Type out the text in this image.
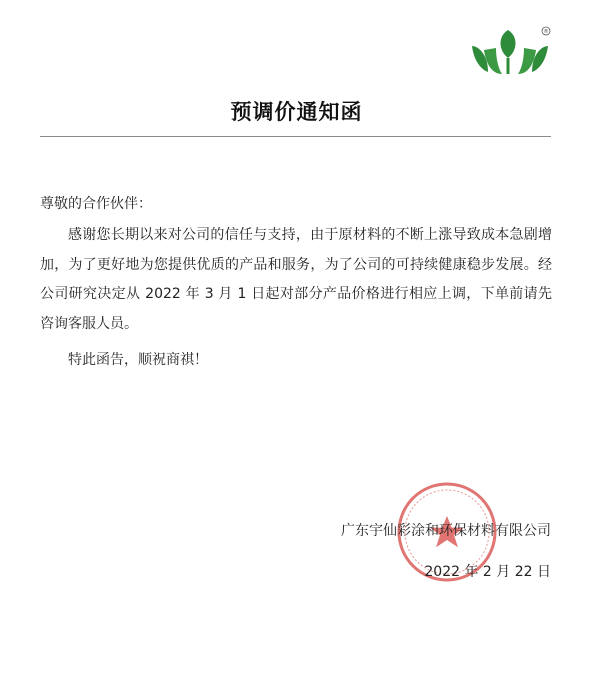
®
预调价通知函
尊敬的合作伙伴：
感谢您长期以来对公司的信任与支持，由于原材料的不断上涨导致成本急剧增加，为了更好地为您提供优质的产品和服务，为了公司的可持续健康稳步发展。经公司研究决定从 2022 年 3 月 1 日起对部分产品价格进行相应上调，下单前请先咨询客服人员。
特此函告，顺祝商祺！
广东宇仙彩涂和环保材料有限公司
2022 年 2 月 22 日
